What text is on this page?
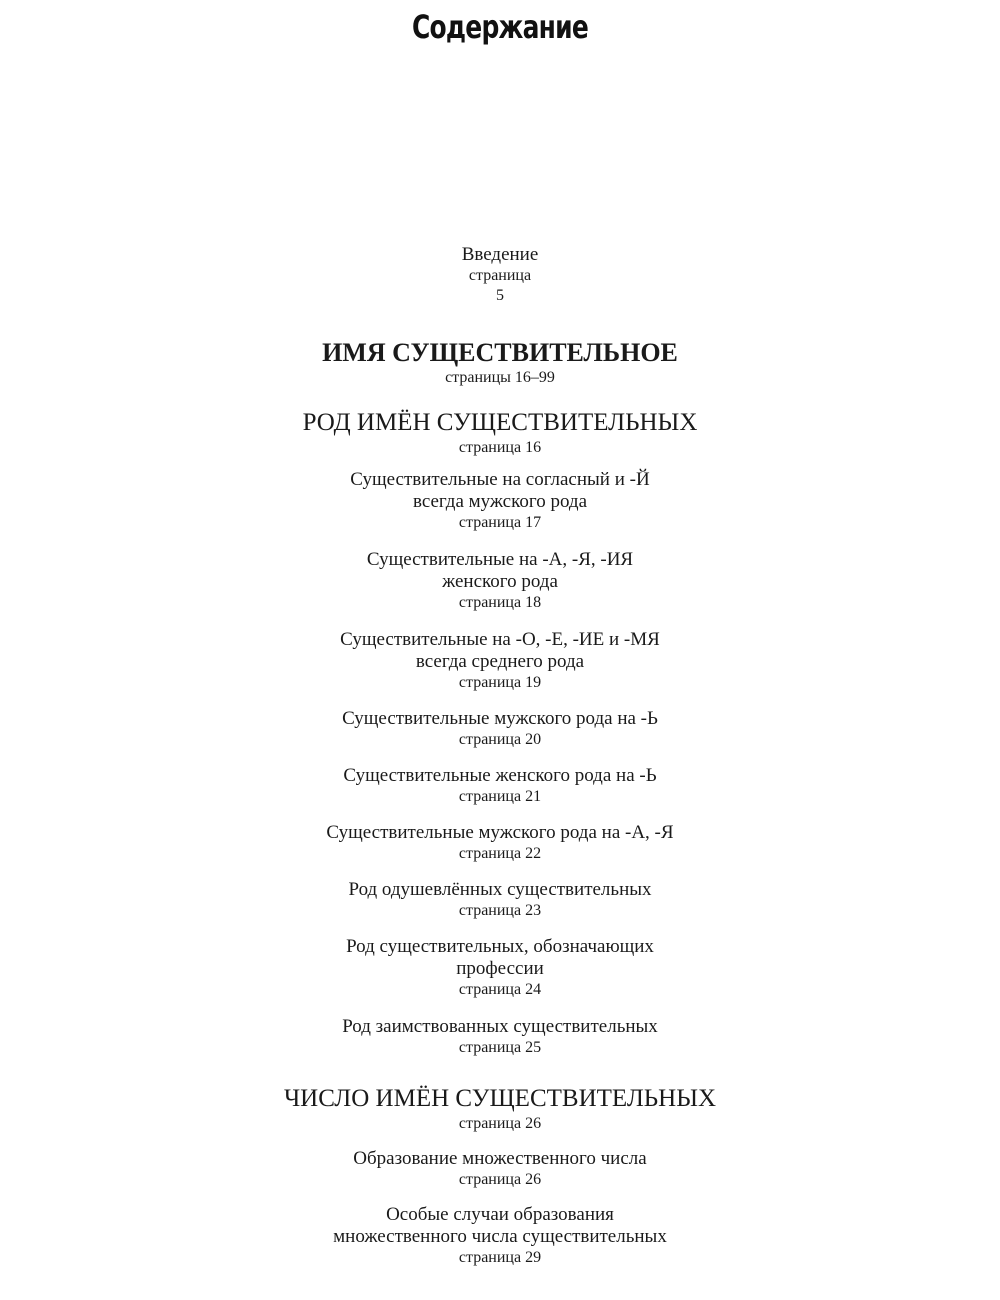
Содержание
Введение
страница
5
ИМЯ СУЩЕСТВИТЕЛЬНОЕ
страницы 16–99
РОД ИМЁН СУЩЕСТВИТЕЛЬНЫХ
страница 16
Существительные на согласный и -Й
всегда мужского рода
страница 17
Существительные на -А, -Я, -ИЯ
женского рода
страница 18
Существительные на -О, -Е, -ИЕ и -МЯ
всегда среднего рода
страница 19
Существительные мужского рода на -Ь
страница 20
Существительные женского рода на -Ь
страница 21
Существительные мужского рода на -А, -Я
страница 22
Род одушевлённых существительных
страница 23
Род существительных, обозначающих
профессии
страница 24
Род заимствованных существительных
страница 25
ЧИСЛО ИМЁН СУЩЕСТВИТЕЛЬНЫХ
страница 26
Образование множественного числа
страница 26
Особые случаи образования
множественного числа существительных
страница 29
